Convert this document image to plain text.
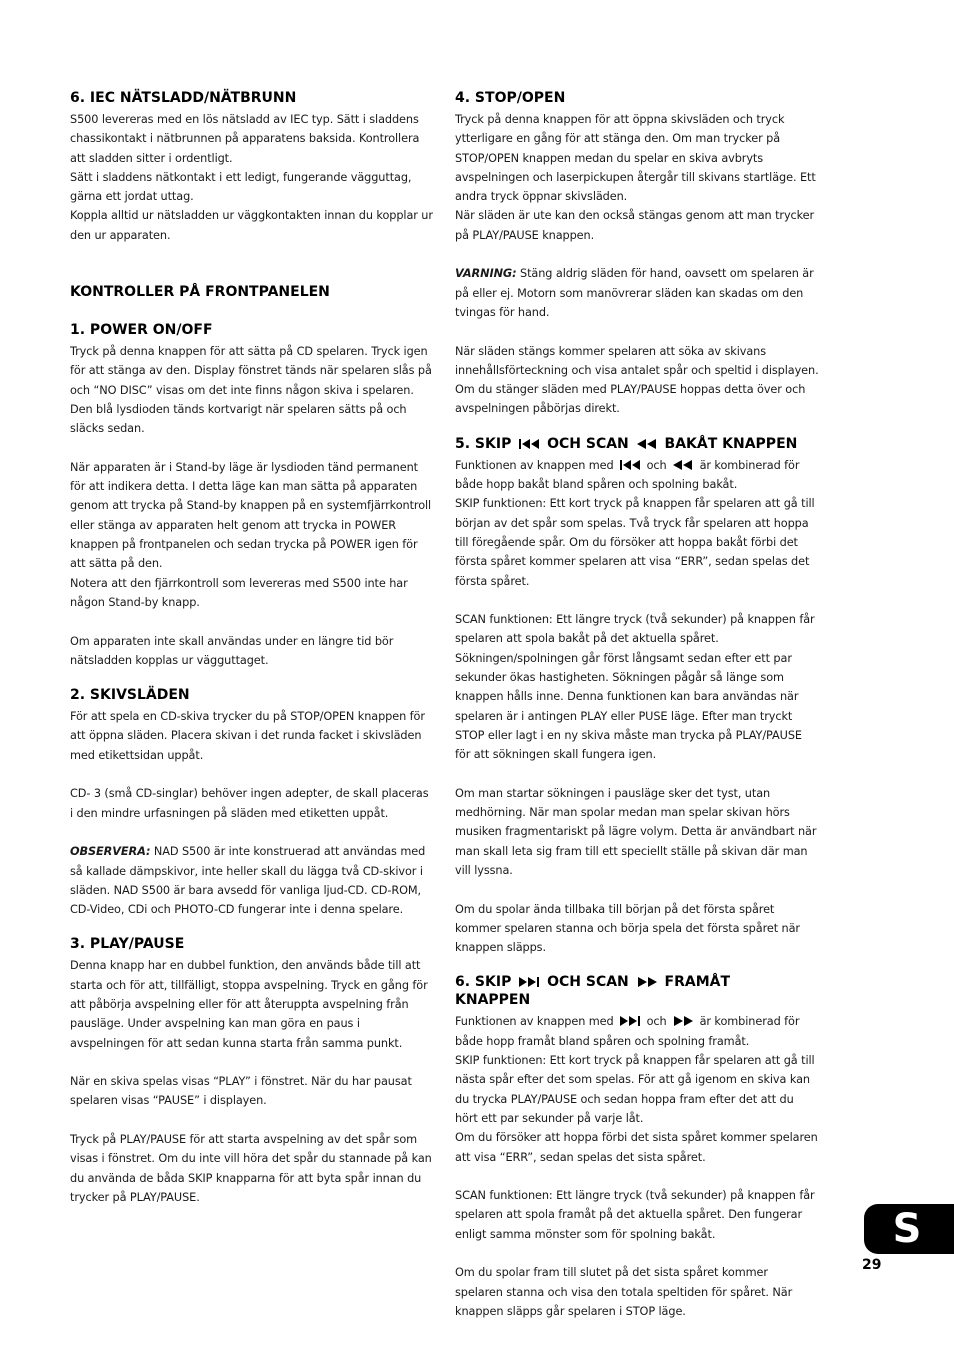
6. IEC NÄTSLADD/NÄTBRUNN

S500 levereras med en lös nätsladd av IEC typ. Sätt i sladdens chassikontakt i nätbrunnen på apparatens baksida. Kontrollera att sladden sitter i ordentligt.

Sätt i sladdens nätkontakt i ett ledigt, fungerande vägguttag, gärna ett jordat uttag.

Koppla alltid ur nätsladden ur väggkontakten innan du kopplar ur den ur apparaten.

KONTROLLER PÅ FRONTPANELEN
1. POWER ON/OFF

Tryck på denna knappen för att sätta på CD spelaren. Tryck igen för att stänga av den. Display fönstret tänds när spelaren slås på och “NO DISC” visas om det inte finns någon skiva i spelaren. Den blå lysdioden tänds kortvarigt när spelaren sätts på och släcks sedan.

När apparaten är i Stand-by läge är lysdioden tänd permanent för att indikera detta. I detta läge kan man sätta på apparaten genom att trycka på Stand-by knappen på en systemfjärrkontroll eller stänga av apparaten helt genom att trycka in POWER knappen på frontpanelen och sedan trycka på POWER igen för att sätta på den.

Notera att den fjärrkontroll som levereras med S500 inte har någon Stand-by knapp.

Om apparaten inte skall användas under en längre tid bör nätsladden kopplas ur vägguttaget.

2. SKIVSLÄDEN

För att spela en CD-skiva trycker du på STOP/OPEN knappen för att öppna släden. Placera skivan i det runda facket i skivsläden med etikettsidan uppåt.

CD- 3 (små CD-singlar) behöver ingen adepter, de skall placeras i den mindre urfasningen på släden med etiketten uppåt.

OBSERVERA: NAD S500 är inte konstruerad att användas med så kallade dämpskivor, inte heller skall du lägga två CD-skivor i släden. NAD S500 är bara avsedd för vanliga ljud-CD. CD-ROM, CD-Video, CDi och PHOTO-CD fungerar inte i denna spelare.

3. PLAY/PAUSE

Denna knapp har en dubbel funktion, den används både till att starta och för att, tillfälligt, stoppa avspelning. Tryck en gång för att påbörja avspelning eller för att återuppta avspelning från pausläge. Under avspelning kan man göra en paus i avspelningen för att sedan kunna starta från samma punkt.

När en skiva spelas visas “PLAY” i fönstret. När du har pausat spelaren visas “PAUSE” i displayen.

Tryck på PLAY/PAUSE för att starta avspelning av det spår som visas i fönstret. Om du inte vill höra det spår du stannade på kan du använda de båda SKIP knapparna för att byta spår innan du trycker på PLAY/PAUSE.

4. STOP/OPEN

Tryck på denna knappen för att öppna skivsläden och tryck ytterligare en gång för att stänga den. Om man trycker på STOP/OPEN knappen medan du spelar en skiva avbryts avspelningen och laserpickupen återgår till skivans startläge. Ett andra tryck öppnar skivsläden.

När släden är ute kan den också stängas genom att man trycker på PLAY/PAUSE knappen.

VARNING: Stäng aldrig släden för hand, oavsett om spelaren är på eller ej. Motorn som manövrerar släden kan skadas om den tvingas för hand.

När släden stängs kommer spelaren att söka av skivans innehållsförteckning och visa antalet spår och speltid i displayen. Om du stänger släden med PLAY/PAUSE hoppas detta över och avspelningen påbörjas direkt.

5. SKIP	OCH SCAN	BAKÅT KNAPPEN

Funktionen av knappen med	och	är kombinerad för både hopp bakåt bland spåren och spolning bakåt.

SKIP funktionen: Ett kort tryck på knappen får spelaren att gå till början av det spår som spelas. Två tryck får spelaren att hoppa till föregående spår. Om du försöker att hoppa bakåt förbi det första spåret kommer spelaren att visa “ERR”, sedan spelas det första spåret.

SCAN funktionen: Ett längre tryck (två sekunder) på knappen får spelaren att spola bakåt på det aktuella spåret. Sökningen/spolningen går först långsamt sedan efter ett par sekunder ökas hastigheten. Sökningen pågår så länge som knappen hålls inne. Denna funktionen kan bara användas när spelaren är i antingen PLAY eller PUSE läge. Efter man tryckt STOP eller lagt i en ny skiva måste man trycka på PLAY/PAUSE för att sökningen skall fungera igen.

Om man startar sökningen i pausläge sker det tyst, utan medhörning. När man spolar medan man spelar skivan hörs musiken fragmentariskt på lägre volym. Detta är användbart när man skall leta sig fram till ett speciellt ställe på skivan där man vill lyssna.

Om du spolar ända tillbaka till början på det första spåret kommer spelaren stanna och börja spela det första spåret när knappen släpps.

6. SKIP	OCH SCAN	FRAMÅT
KNAPPEN

Funktionen av knappen med	och	är kombinerad för både hopp framåt bland spåren och spolning framåt.

SKIP funktionen: Ett kort tryck på knappen får spelaren att gå till nästa spår efter det som spelas. För att gå igenom en skiva kan du trycka PLAY/PAUSE och sedan hoppa fram efter det att du hört ett par sekunder på varje låt.

Om du försöker att hoppa förbi det sista spåret kommer spelaren att visa “ERR”, sedan spelas det sista spåret.

SCAN funktionen: Ett längre tryck (två sekunder) på knappen får spelaren att spola framåt på det aktuella spåret. Den fungerar enligt samma mönster som för spolning bakåt.

Om du spolar fram till slutet på det sista spåret kommer spelaren stanna och visa den totala speltiden för spåret. När knappen släpps går spelaren i STOP läge.

S
29
